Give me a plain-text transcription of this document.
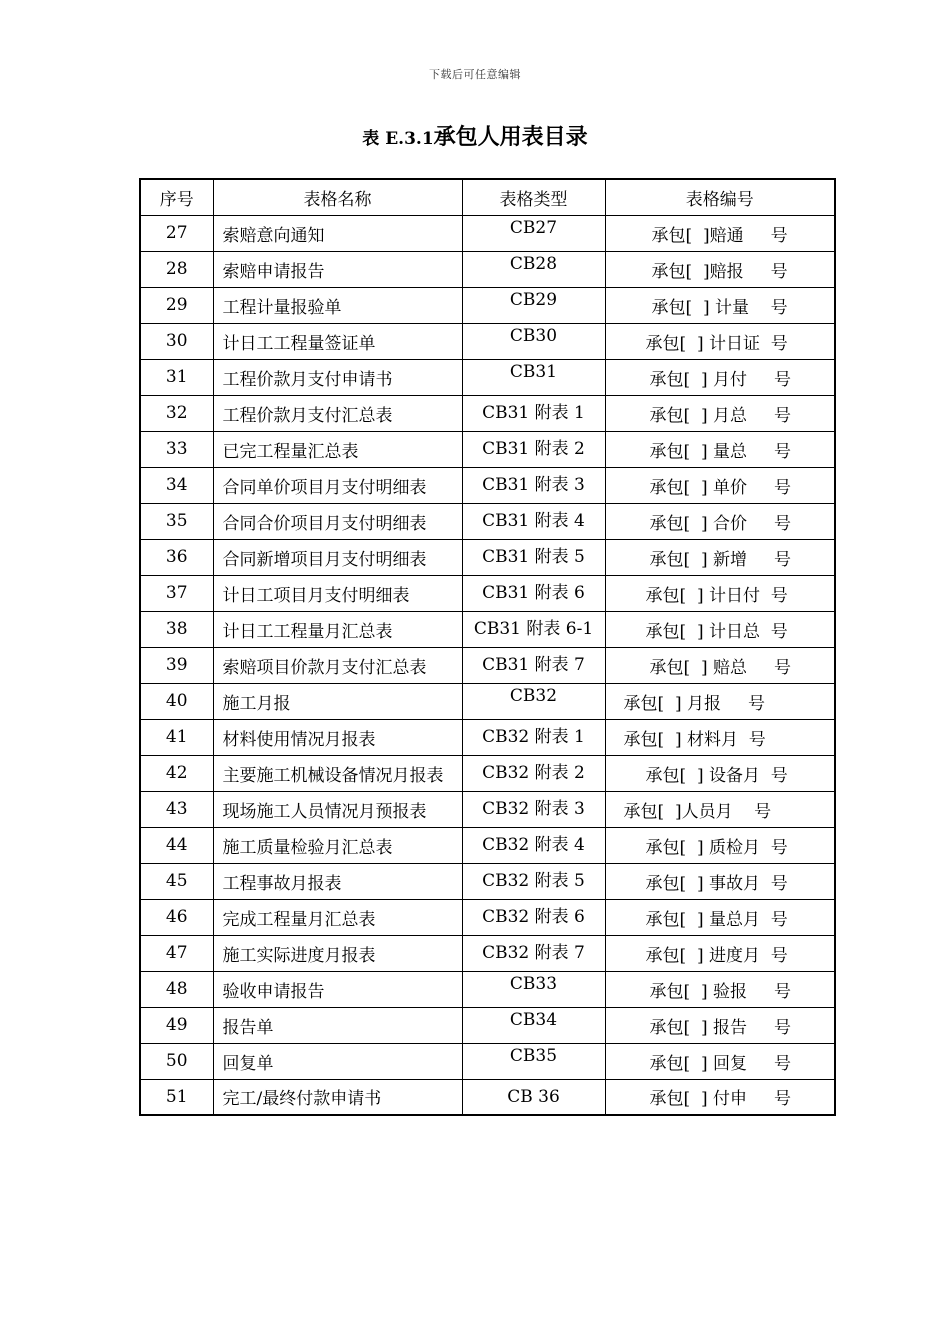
下载后可任意编辑
表 E.3.1承包人用表目录
序号	表格名称	表格类型	表格编号
27	索赔意向通知	CB27	承包[  ]赔通     号
28	索赔申请报告	CB28	承包[  ]赔报     号
29	工程计量报验单	CB29	承包[  ] 计量    号
30	计日工工程量签证单	CB30	承包[  ] 计日证  号
31	工程价款月支付申请书	CB31	承包[  ] 月付     号
32	工程价款月支付汇总表	CB31 附表 1	承包[  ] 月总     号
33	已完工程量汇总表	CB31 附表 2	承包[  ] 量总     号
34	合同单价项目月支付明细表	CB31 附表 3	承包[  ] 单价     号
35	合同合价项目月支付明细表	CB31 附表 4	承包[  ] 合价     号
36	合同新增项目月支付明细表	CB31 附表 5	承包[  ] 新增     号
37	计日工项目月支付明细表	CB31 附表 6	承包[  ] 计日付  号
38	计日工工程量月汇总表	CB31 附表 6-1	承包[  ] 计日总  号
39	索赔项目价款月支付汇总表	CB31 附表 7	承包[  ] 赔总     号
40	施工月报	CB32	承包[  ] 月报     号
41	材料使用情况月报表	CB32 附表 1	承包[  ] 材料月  号
42	主要施工机械设备情况月报表	CB32 附表 2	承包[  ] 设备月  号
43	现场施工人员情况月预报表	CB32 附表 3	承包[  ]人员月    号
44	施工质量检验月汇总表	CB32 附表 4	承包[  ] 质检月  号
45	工程事故月报表	CB32 附表 5	承包[  ] 事故月  号
46	完成工程量月汇总表	CB32 附表 6	承包[  ] 量总月  号
47	施工实际进度月报表	CB32 附表 7	承包[  ] 进度月  号
48	验收申请报告	CB33	承包[  ] 验报     号
49	报告单	CB34	承包[  ] 报告     号
50	回复单	CB35	承包[  ] 回复     号
51	完工/最终付款申请书	CB 36	承包[  ] 付申     号
